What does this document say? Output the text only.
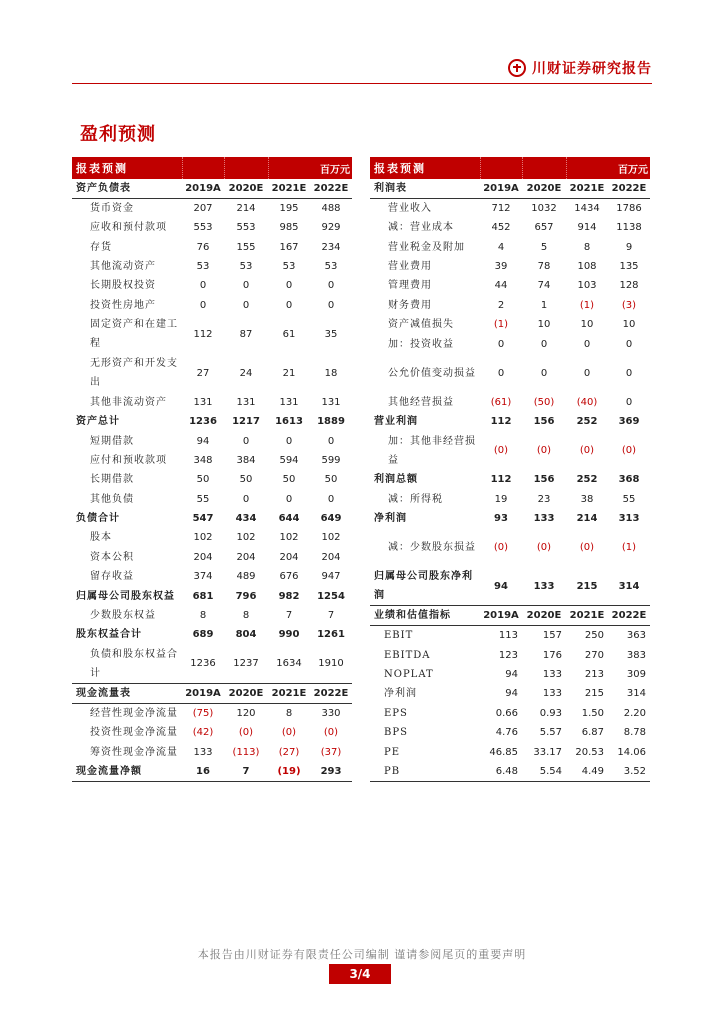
川财证券研究报告
盈利预测
报表预测				百万元
资产负债表	2019A	2020E	2021E	2022E
货币资金	207	214	195	488
应收和预付款项	553	553	985	929
存货	76	155	167	234
其他流动资产	53	53	53	53
长期股权投资	0	0	0	0
投资性房地产	0	0	0	0
固定资产和在建工程	112	87	61	35
无形资产和开发支出	27	24	21	18
其他非流动资产	131	131	131	131
资产总计	1236	1217	1613	1889
短期借款	94	0	0	0
应付和预收款项	348	384	594	599
长期借款	50	50	50	50
其他负债	55	0	0	0
负债合计	547	434	644	649
股本	102	102	102	102
资本公积	204	204	204	204
留存收益	374	489	676	947
归属母公司股东权益	681	796	982	1254
少数股东权益	8	8	7	7
股东权益合计	689	804	990	1261
负债和股东权益合计	1236	1237	1634	1910
现金流量表	2019A	2020E	2021E	2022E
经营性现金净流量	(75)	120	8	330
投资性现金净流量	(42)	(0)	(0)	(0)
筹资性现金净流量	133	(113)	(27)	(37)
现金流量净额	16	7	(19)	293
报表预测				百万元
利润表	2019A	2020E	2021E	2022E
营业收入	712	1032	1434	1786
减：营业成本	452	657	914	1138
营业税金及附加	4	5	8	9
营业费用	39	78	108	135
管理费用	44	74	103	128
财务费用	2	1	(1)	(3)
资产减值损失	(1)	10	10	10
加：投资收益	0	0	0	0
公允价值变动损益	0	0	0	0
其他经营损益	(61)	(50)	(40)	0
营业利润	112	156	252	369
加：其他非经营损益	(0)	(0)	(0)	(0)
利润总额	112	156	252	368
减：所得税	19	23	38	55
净利润	93	133	214	313
减：少数股东损益	(0)	(0)	(0)	(1)
归属母公司股东净利润	94	133	215	314
业绩和估值指标	2019A	2020E	2021E	2022E
EBIT	113	157	250	363
EBITDA	123	176	270	383
NOPLAT	94	133	213	309
净利润	94	133	215	314
EPS	0.66	0.93	1.50	2.20
BPS	4.76	5.57	6.87	8.78
PE	46.85	33.17	20.53	14.06
PB	6.48	5.54	4.49	3.52
本报告由川财证券有限责任公司编制 谨请参阅尾页的重要声明
3/4
